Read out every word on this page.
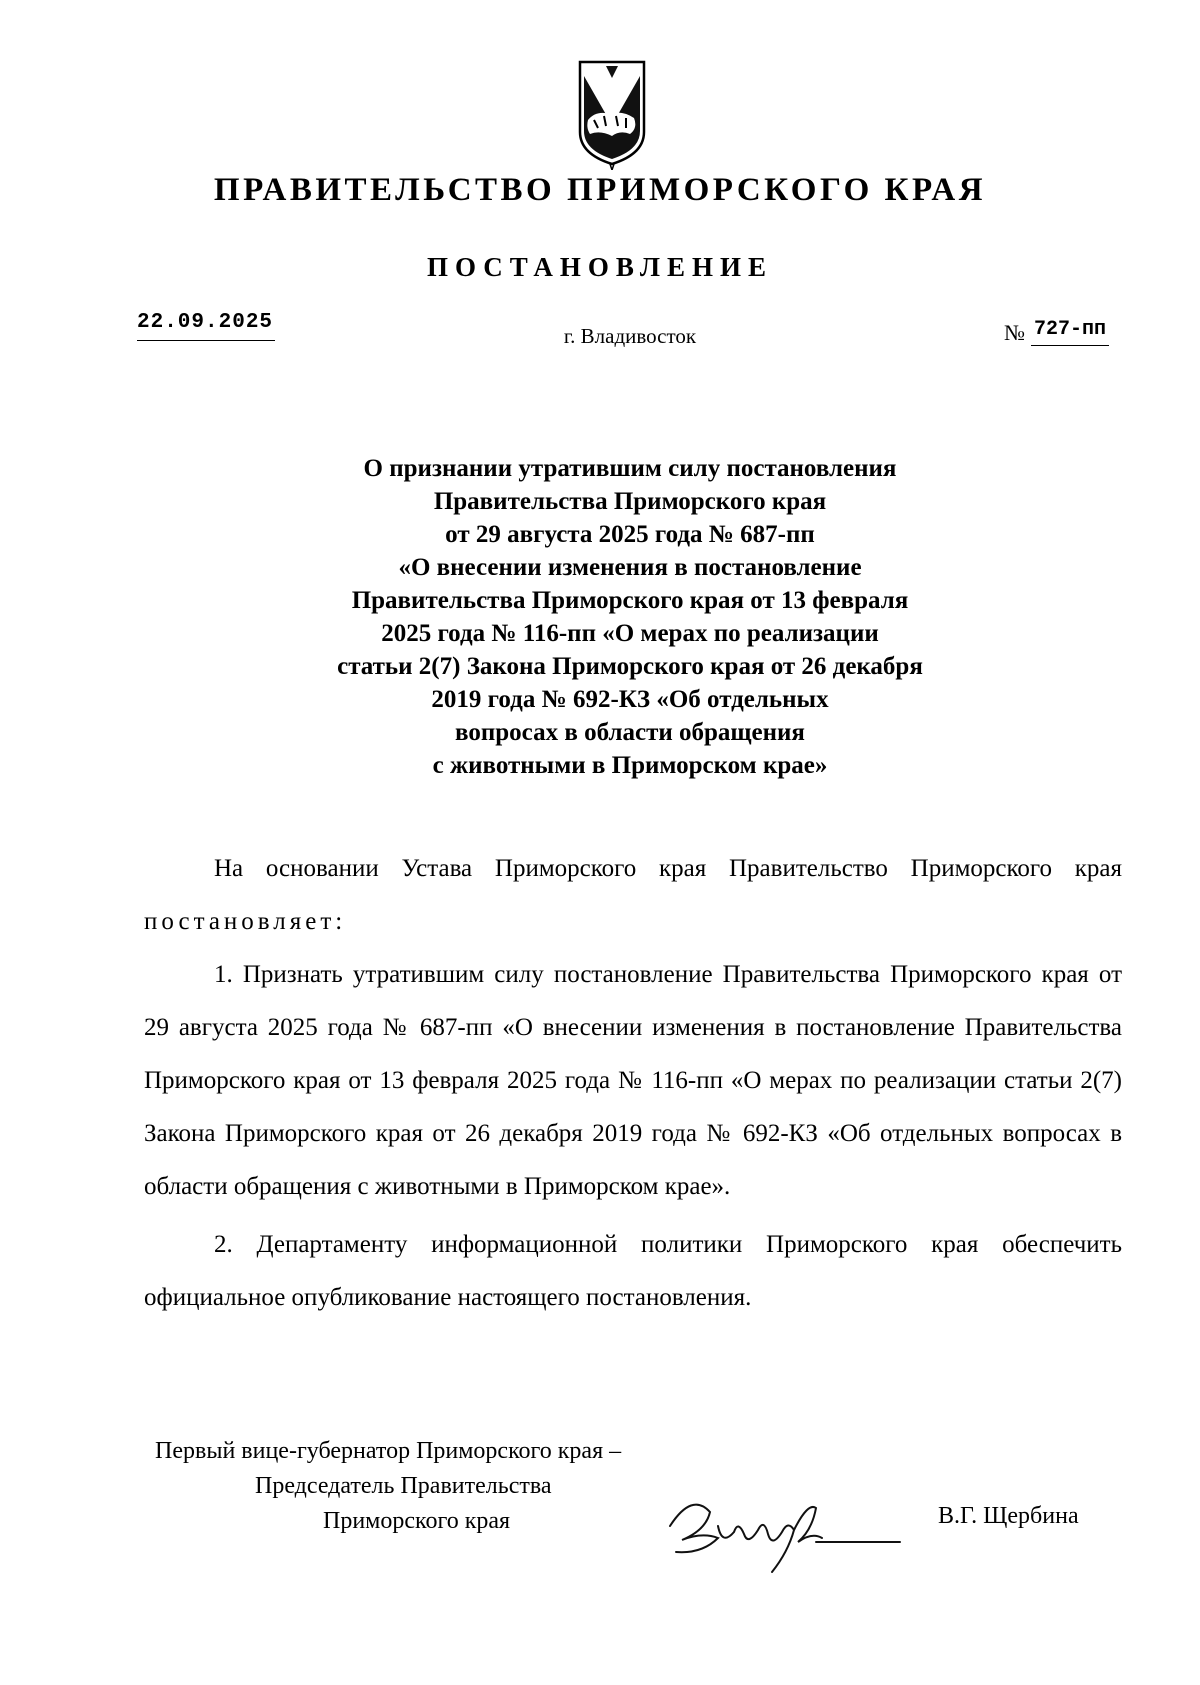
ПРАВИТЕЛЬСТВО ПРИМОРСКОГО КРАЯ
ПОСТАНОВЛЕНИЕ
22.09.2025
г. Владивосток	№ 727-пп
О признании утратившим силу постановления
Правительства Приморского края
от 29 августа 2025 года № 687-пп
«О внесении изменения в постановление
Правительства Приморского края от 13 февраля
2025 года № 116-пп «О мерах по реализации
статьи 2(7) Закона Приморского края от 26 декабря
2019 года № 692-КЗ «Об отдельных
вопросах в области обращения
с животными в Приморском крае»

На основании Устава Приморского края Правительство Приморского края постановляет:

1. Признать утратившим силу постановление Правительства Приморского края от 29 августа 2025 года № 687-пп «О внесении изменения в постановление Правительства Приморского края от 13 февраля 2025 года № 116-пп «О мерах по реализации статьи 2(7) Закона Приморского края от 26 декабря 2019 года № 692-КЗ «Об отдельных вопросах в области обращения с животными в Приморском крае».

2. Департаменту информационной политики Приморского края обеспечить официальное опубликование настоящего постановления.

Первый вице-губернатор Приморского края –
Председатель Правительства
Приморского края	В.Г. Щербина
